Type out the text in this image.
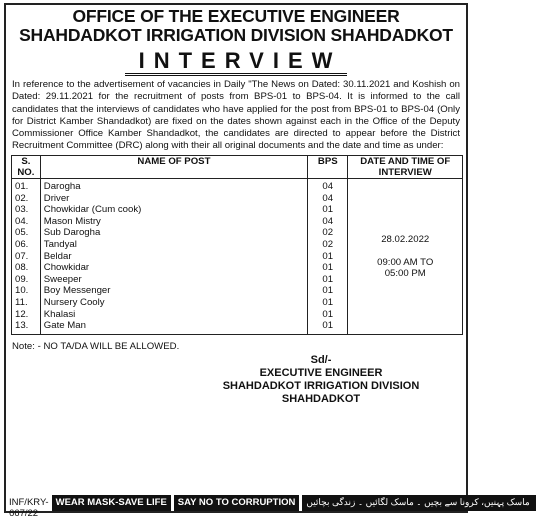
OFFICE OF THE EXECUTIVE ENGINEER
SHAHDADKOT IRRIGATION DIVISION SHAHDADKOT
INTERVIEW
In reference to the advertisement of vacancies in Daily "The News on Dated: 30.11.2021 and Koshish on Dated: 29.11.2021 for the recruitment of posts from BPS-01 to BPS-04. It is informed to the call candidates that the interviews of candidates who have applied for the post from BPS-01 to BPS-04 (Only for District Kamber Shandadkot) are fixed on the dates shown against each in the Office of the Deputy Commissioner Office Kamber Shandadkot, the candidates are directed to appear before the District Recruitment Committee (DRC) along with their all original documents and the date and time as under:
S. NO.	NAME OF POST	BPS	DATE AND TIME OF INTERVIEW
01.	Darogha	04	28.02.2022
09:00 AM TO
05:00 PM

02.	Driver	04	
03.	Chowkidar (Cum cook)	01	
04.	Mason Mistry	04	
05.	Sub Darogha	02	
06.	Tandyal	02	
07.	Beldar	01	
08.	Chowkidar	01	
09.	Sweeper	01	
10.	Boy Messenger	01	
11.	Nursery Cooly	01	
12.	Khalasi	01	
13.	Gate Man	01	
Note: - NO TA/DA WILL BE ALLOWED.
Sd/-
EXECUTIVE ENGINEER
SHAHDADKOT IRRIGATION DIVISION
SHAHDADKOT
INF/KRY-667/22
WEAR MASK-SAVE LIFE	SAY NO TO CORRUPTION	ماسک پہنیں، کرونا سے بچیں ۔ ماسک لگائیں ۔ زندگی بچائیں
